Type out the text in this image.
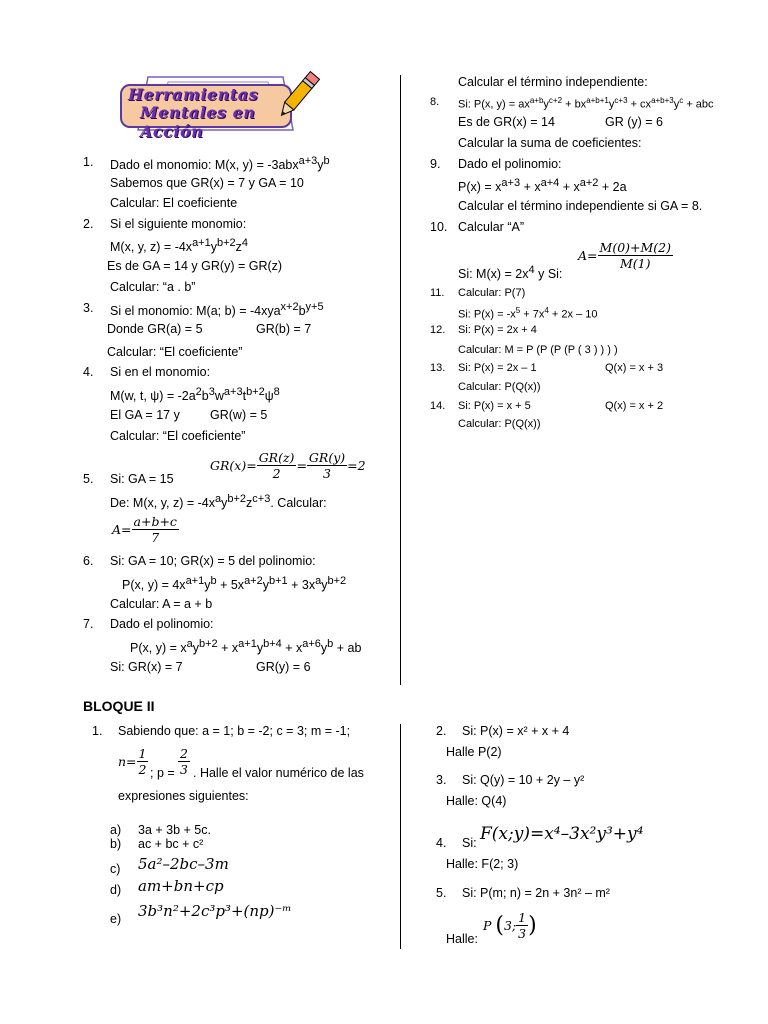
Herramientas
Mentales en Acción
1. Dado el monomio: M(x, $y) = -3abx^{a+3}y^b$
Sabemos que GR(x) = 7 y GA = 10
Calcular: El coeficiente
2. Si el siguiente monomio:
M(x, y, $z) = -4x^{a+1}y^{b+2}z^4$
Es de GA = 14 y GR(y) = GR(z)
Calcular: “a . b”
3. Si el monomio: M(a; $b) = -4xya^{x+2}b^{y+5}$
Donde GR(a) = 5	GR(b) = 7
Calcular: “El coeficiente”
4. Si en el monomio:
M(w, t, $\psi) = -2a^2b^3w^{a+3}t^{b+2}\psi^8$
El GA = 17 y GR(w) = 5
Calcular: “El coeficiente”
$GR(x)= \frac{GR(z)}{2} = \frac{GR(y)}{3} =2$
5. Si: GA = 15
De: M(x, y, $z) = -4x^ay^{b+2}z^{c+3}$. Calcular:
$A= \frac{a+b+c}{7}$
6. Si: GA = 10; GR(x) = 5 del polinomio:
P(x, $y) = 4x^{a+1}y^b + 5x^{a+2}y^{b+1} + 3x^ay^{b+2}$
Calcular: A = a + b
7. Dado el polinomio:
P(x, $y) = x^ay^{b+2} + x^{a+1}y^{b+4} + x^{a+6}y^b$ + ab
Si: GR(x) = 7	GR(y) = 6
Calcular el término independiente:
8. Si: P(x, $y) = ax^{a+b}y^{c+2} + bx^{a+b+1}y^{c+3} + cx^{a+b+3}y^c$ + abc
Es de GR(x) = 14	GR (y) = 6
Calcular la suma de coeficientes:
9. Dado el polinomio:
$P(x) = x^{a+3} + x^{a+4} + x^{a+2} + 2a$
Calcular el término independiente si GA = 8.
10. Calcular “A”
$A= \frac{M(0)+M(2)}{M(1)}$
Si: $M(x) = 2x^4$ y Si:
11. Calcular: P(7)
Si: $P(x) = -x^5 + 7x^4 + 2x - 10$
12. Si: P(x) = 2x + 4
Calcular: M = P (P (P (P ( 3 ) ) ) )
13. Si: P(x) = 2x – 1	Q(x) = x + 3
Calcular: P(Q(x))
14. Si: P(x) = x + 5	Q(x) = x + 2
Calcular: P(Q(x))
BLOQUE II
1. Sabiendo que: a = 1; b = -2; c = 3; m = -1;
$n= \frac{1}{2}$ ; $p = \frac{2}{3}$ . Halle el valor numérico de las
expresiones siguientes:
a) 3a + 3b + 5c.
b) ac + bc + c²
c) 5a²–2bc–3m
d) am+bn+cp
e) 3b³n²+2c³p³+(np)⁻ᵐ
2. Si: P(x) = x² + x + 4
Halle P(2)
3. Si: Q(y) = 10 + 2y – y²
Halle: Q(4)
4. Si: F(x;y)=x⁴–3x²y³+y⁴
Halle: F(2; 3)
5. Si: P(m; n) = 2n + 3n² – m²
Halle:
P (3; $\frac{1}{3}$ )
